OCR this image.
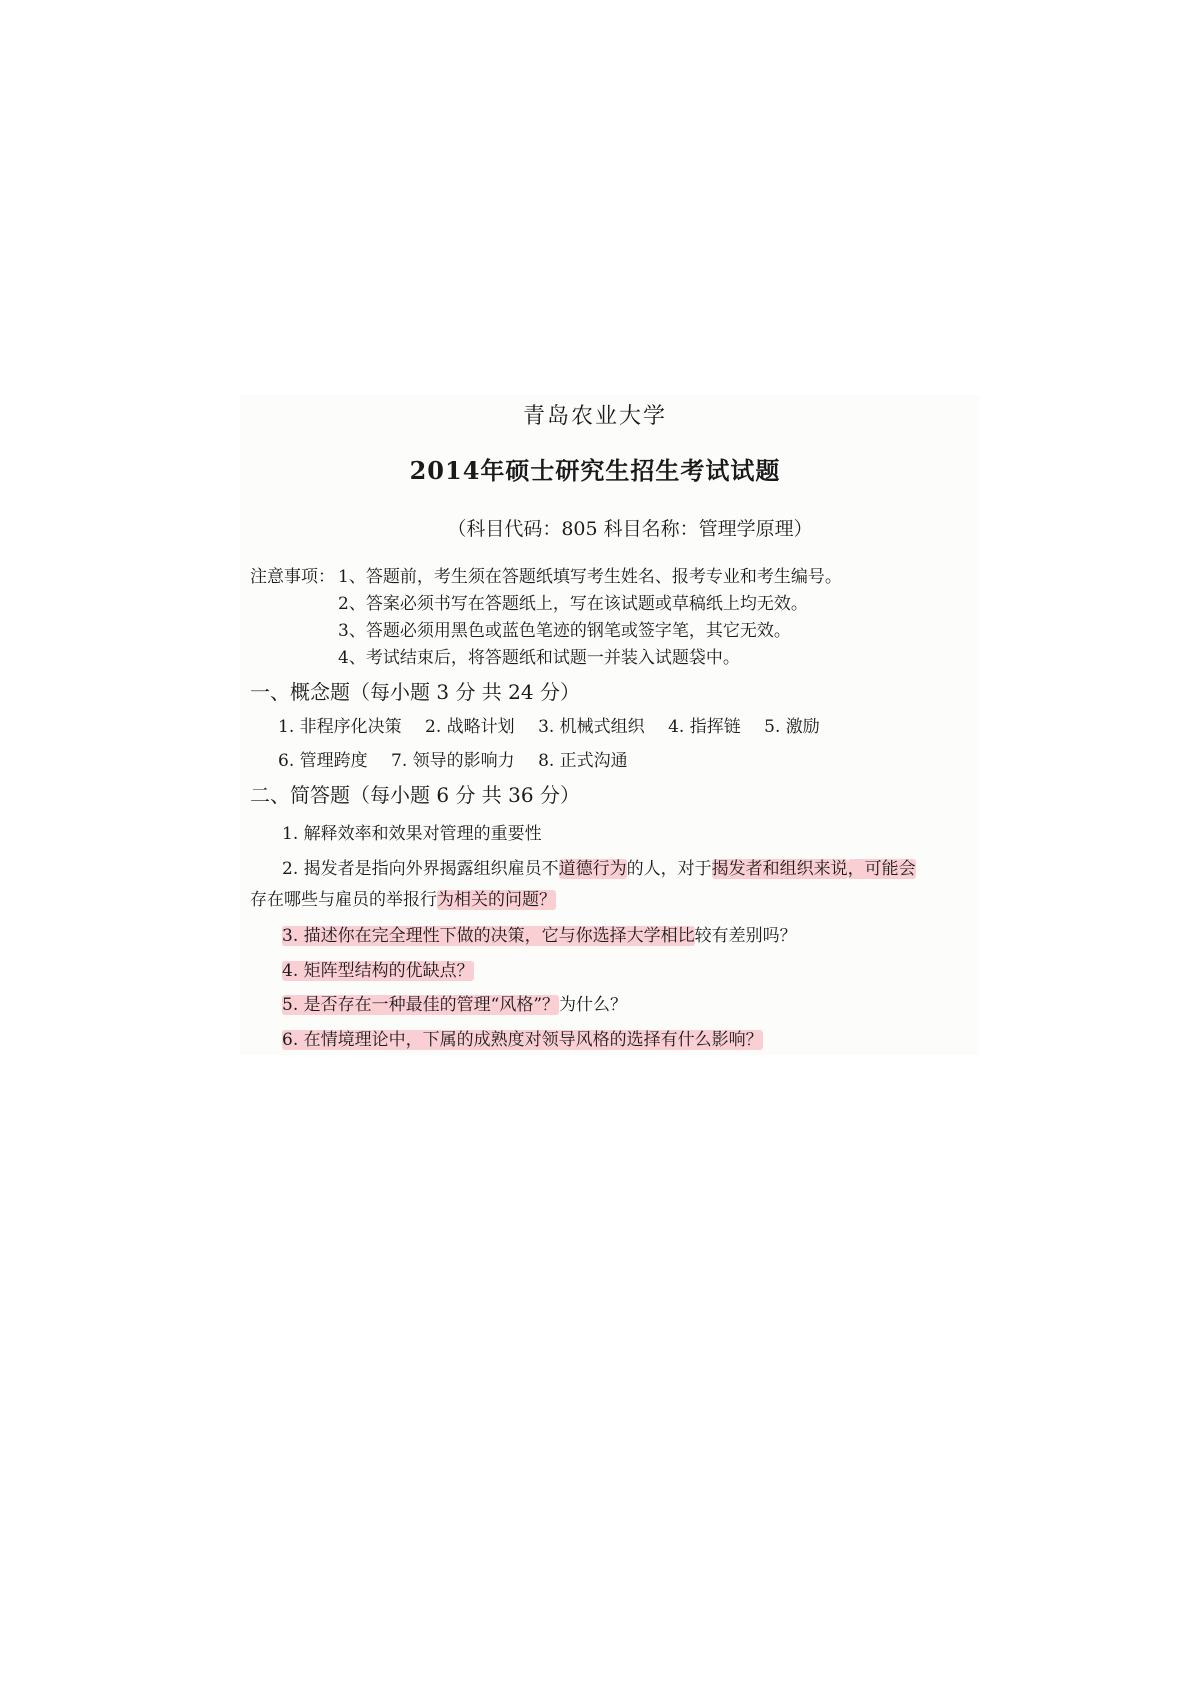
青岛农业大学
2014年硕士研究生招生考试试题
（科目代码：805 科目名称：管理学原理）
注意事项： 1、答题前，考生须在答题纸填写考生姓名、报考专业和考生编号。
2、答案必须书写在答题纸上，写在该试题或草稿纸上均无效。
3、答题必须用黑色或蓝色笔迹的钢笔或签字笔，其它无效。
4、考试结束后，将答题纸和试题一并装入试题袋中。
一、概念题（每小题 3 分 共 24 分）
1. 非程序化决策 2. 战略计划 3. 机械式组织 4. 指挥链 5. 激励
6. 管理跨度 7. 领导的影响力 8. 正式沟通
二、简答题（每小题 6 分 共 36 分）
1. 解释效率和效果对管理的重要性
2. 揭发者是指向外界揭露组织雇员不道德行为的人，对于揭发者和组织来说，可能会
存在哪些与雇员的举报行为相关的问题？
3. 描述你在完全理性下做的决策，它与你选择大学相比较有差别吗？
4. 矩阵型结构的优缺点？
5. 是否存在一种最佳的管理“风格”？为什么？
6. 在情境理论中，下属的成熟度对领导风格的选择有什么影响？
